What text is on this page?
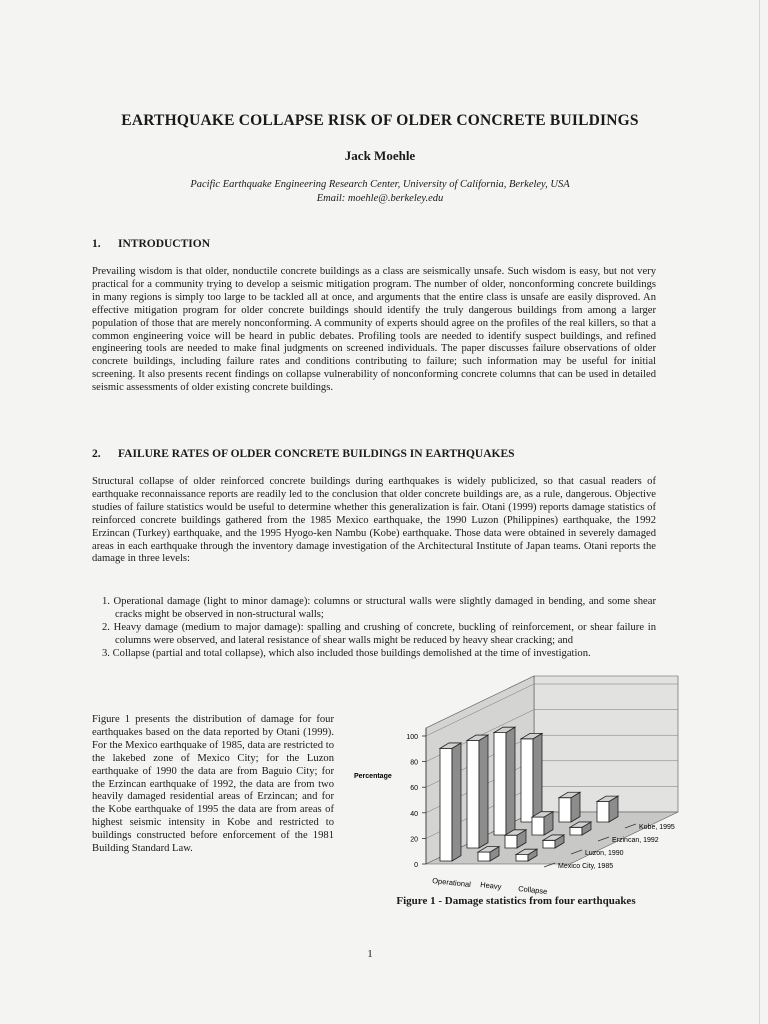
EARTHQUAKE COLLAPSE RISK OF OLDER CONCRETE BUILDINGS
Jack Moehle
Pacific Earthquake Engineering Research Center, University of California, Berkeley, USA
Email: moehle@.berkeley.edu
1. INTRODUCTION
Prevailing wisdom is that older, nonductile concrete buildings as a class are seismically unsafe. Such wisdom is easy, but not very practical for a community trying to develop a seismic mitigation program. The number of older, nonconforming concrete buildings in many regions is simply too large to be tackled all at once, and arguments that the entire class is unsafe are easily disproved. An effective mitigation program for older concrete buildings should identify the truly dangerous buildings from among a larger population of those that are merely nonconforming. A community of experts should agree on the profiles of the real killers, so that a common engineering voice will be heard in public debates. Profiling tools are needed to identify suspect buildings, and refined engineering tools are needed to make final judgments on screened individuals. The paper discusses failure observations of older concrete buildings, including failure rates and conditions contributing to failure; such information may be useful for initial screening. It also presents recent findings on collapse vulnerability of nonconforming concrete columns that can be used in detailed seismic assessments of older existing concrete buildings.
2. FAILURE RATES OF OLDER CONCRETE BUILDINGS IN EARTHQUAKES
Structural collapse of older reinforced concrete buildings during earthquakes is widely publicized, so that casual readers of earthquake reconnaissance reports are readily led to the conclusion that older concrete buildings are, as a rule, dangerous. Objective studies of failure statistics would be useful to determine whether this generalization is fair. Otani (1999) reports damage statistics of reinforced concrete buildings gathered from the 1985 Mexico earthquake, the 1990 Luzon (Philippines) earthquake, the 1992 Erzincan (Turkey) earthquake, and the 1995 Hyogo-ken Nambu (Kobe) earthquake. Those data were obtained in severely damaged areas in each earthquake through the inventory damage investigation of the Architectural Institute of Japan teams. Otani reports the damage in three levels:
1. Operational damage (light to minor damage): columns or structural walls were slightly damaged in bending, and some shear cracks might be observed in non-structural walls;
2. Heavy damage (medium to major damage): spalling and crushing of concrete, buckling of reinforcement, or shear failure in columns were observed, and lateral resistance of shear walls might be reduced by heavy shear cracking; and
3. Collapse (partial and total collapse), which also included those buildings demolished at the time of investigation.
Figure 1 presents the distribution of damage for four earthquakes based on the data reported by Otani (1999). For the Mexico earthquake of 1985, data are restricted to the lakebed zone of Mexico City; for the Luzon earthquake of 1990 the data are from Baguio City; for the Erzincan earthquake of 1992, the data are from two heavily damaged residential areas of Erzincan; and for the Kobe earthquake of 1995 the data are from areas of highest seismic intensity in Kobe and restricted to buildings constructed before enforcement of the 1981 Building Standard Law.
0
20
40
60
80
100
Percentage
Operational Heavy Collapse
Mexico City, 1985
Luzon, 1990
Erzincan, 1992
Kobe, 1995
Figure 1 - Damage statistics from four earthquakes
1
